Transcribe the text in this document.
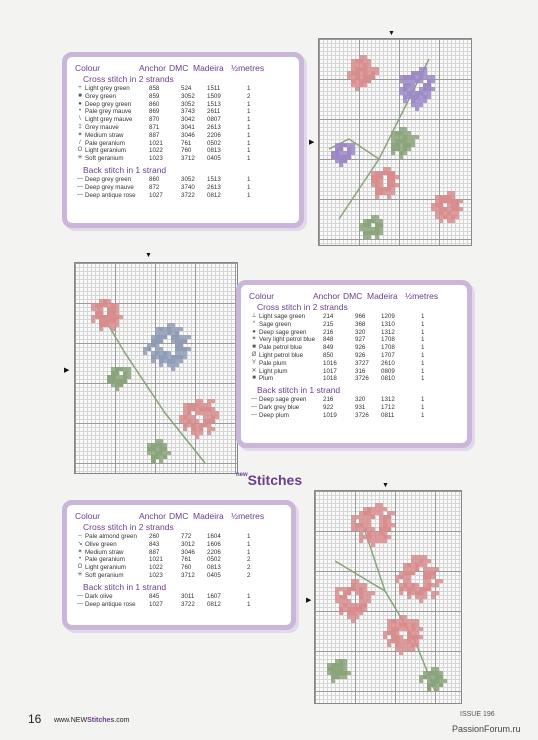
Colour	Anchor DMC Madeira ½metres
Cross stitch in 2 strands
+ Light grey green	858	524	1511	1
■ Grey green	859	3052	1509	2
● Deep grey green	860	3052	1513	1
• Pale grey mauve	869	3743	2611	1
\ Light grey mauve	870	3042	0807	1
‡ Grey mauve	871	3041	2613	1
✶ Medium straw	887	3046	2206	1
/ Pale geranium	1021	761	0502	1
O Light geranium	1022	760	0813	1
✳ Soft geranium	1023	3712	0405	1
Back stitch in 1 strand
— Deep grey green	860	3052	1513	1
— Deep grey mauve	872	3740	2613	1
— Deep antique rose	1027	3722	0812	1
▼
▶
▼
▶
Colour	Anchor DMC Madeira ½metres
Cross stitch in 2 strands
⊥ Light sage green	214	966	1209	1
* Sage green	215	368	1310	1
● Deep sage green	216	320	1312	1
✶ Very light petrol blue	848	927	1708	1
■ Pale petrol blue	849	926	1708	1
Ø Light petrol blue	850	926	1707	1
Y Pale plum	1016	3727	2610	1
✕ Light plum	1017	316	0809	1
■ Plum	1018	3726	0810	1
Back stitch in 1 strand
— Deep sage green	216	320	1312	1
— Dark grey blue	922	931	1712	1
— Deep plum	1019	3726	0811	1
$^{new}$Stitches
Colour	Anchor DMC Madeira ½metres
Cross stitch in 2 strands
– Pale almond green	260	772	1604	1
↘ Olive green	843	3012	1606	1
✶ Medium straw	887	3046	2206	1
• Pale geranium	1021	761	0502	2
O Light geranium	1022	760	0813	2
✳ Soft geranium	1023	3712	0405	2
Back stitch in 1 strand
— Dark olive	845	3011	1607	1
— Deep antique rose	1027	3722	0812	1
▼
▶
16 www.NEWStitches.com
ISSUE 196
PassionForum.ru
